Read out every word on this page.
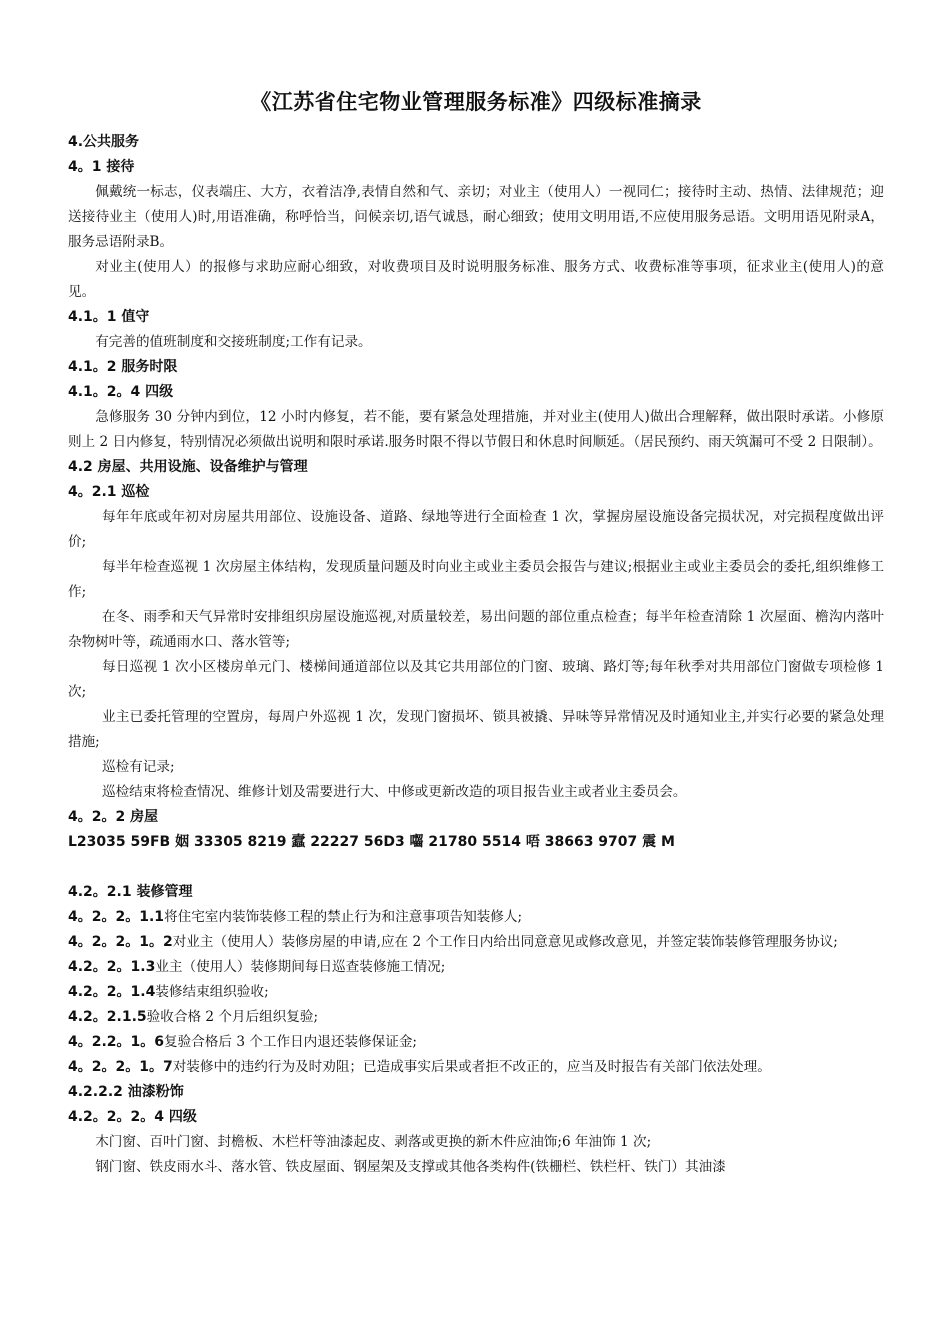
《江苏省住宅物业管理服务标准》四级标准摘录
4.公共服务
4。1 接待

佩戴统一标志，仪表端庄、大方，衣着洁净,表情自然和气、亲切；对业主（使用人）一视同仁；接待时主动、热情、法律规范；迎送接待业主（使用人)时,用语准确，称呼恰当，问候亲切,语气诚恳，耐心细致；使用文明用语,不应使用服务忌语。文明用语见附录A，服务忌语附录B。

对业主(使用人）的报修与求助应耐心细致，对收费项目及时说明服务标准、服务方式、收费标准等事项，征求业主(使用人)的意见。

4.1。1 值守

有完善的值班制度和交接班制度;工作有记录。

4.1。2 服务时限
4.1。2。4 四级

急修服务 30 分钟内到位，12 小时内修复，若不能，要有紧急处理措施，并对业主(使用人)做出合理解释，做出限时承诺。小修原则上 2 日内修复，特别情况必须做出说明和限时承诺.服务时限不得以节假日和休息时间顺延。（居民预约、雨天筑漏可不受 2 日限制）。

4.2 房屋、共用设施、设备维护与管理
4。2.1 巡检

每年年底或年初对房屋共用部位、设施设备、道路、绿地等进行全面检查 1 次，掌握房屋设施设备完损状况，对完损程度做出评价;

每半年检查巡视 1 次房屋主体结构，发现质量问题及时向业主或业主委员会报告与建议;根据业主或业主委员会的委托,组织维修工作;

在冬、雨季和天气异常时安排组织房屋设施巡视,对质量较差，易出问题的部位重点检查；每半年检查清除 1 次屋面、檐沟内落叶杂物树叶等，疏通雨水口、落水管等;

每日巡视 1 次小区楼房单元门、楼梯间通道部位以及其它共用部位的门窗、玻璃、路灯等;每年秋季对共用部位门窗做专项检修 1 次;

业主已委托管理的空置房，每周户外巡视 1 次，发现门窗损坏、锁具被撬、异味等异常情况及时通知业主,并实行必要的紧急处理措施;

巡检有记录;

巡检结束将检查情况、维修计划及需要进行大、中修或更新改造的项目报告业主或者业主委员会。

4。2。2 房屋
L23035 59FB 姻 33305 8219 蠧 22227 56D3 囓 21780 5514 唔 38663 9707 震 M
4.2。2.1 装修管理

4。2。2。1.1将住宅室内装饰装修工程的禁止行为和注意事项告知装修人;

4。2。2。1。2对业主（使用人）装修房屋的申请,应在 2 个工作日内给出同意意见或修改意见，并签定装饰装修管理服务协议;

4.2。2。1.3业主（使用人）装修期间每日巡查装修施工情况;

4.2。2。1.4装修结束组织验收;

4.2。2.1.5验收合格 2 个月后组织复验;

4。2.2。1。6复验合格后 3 个工作日内退还装修保证金;

4。2。2。1。7对装修中的违约行为及时劝阻；已造成事实后果或者拒不改正的，应当及时报告有关部门依法处理。

4.2.2.2 油漆粉饰
4.2。2。2。4 四级

木门窗、百叶门窗、封檐板、木栏杆等油漆起皮、剥落或更换的新木件应油饰;6 年油饰 1 次;

钢门窗、铁皮雨水斗、落水管、铁皮屋面、钢屋架及支撑或其他各类构件(铁栅栏、铁栏杆、铁门）其油漆
